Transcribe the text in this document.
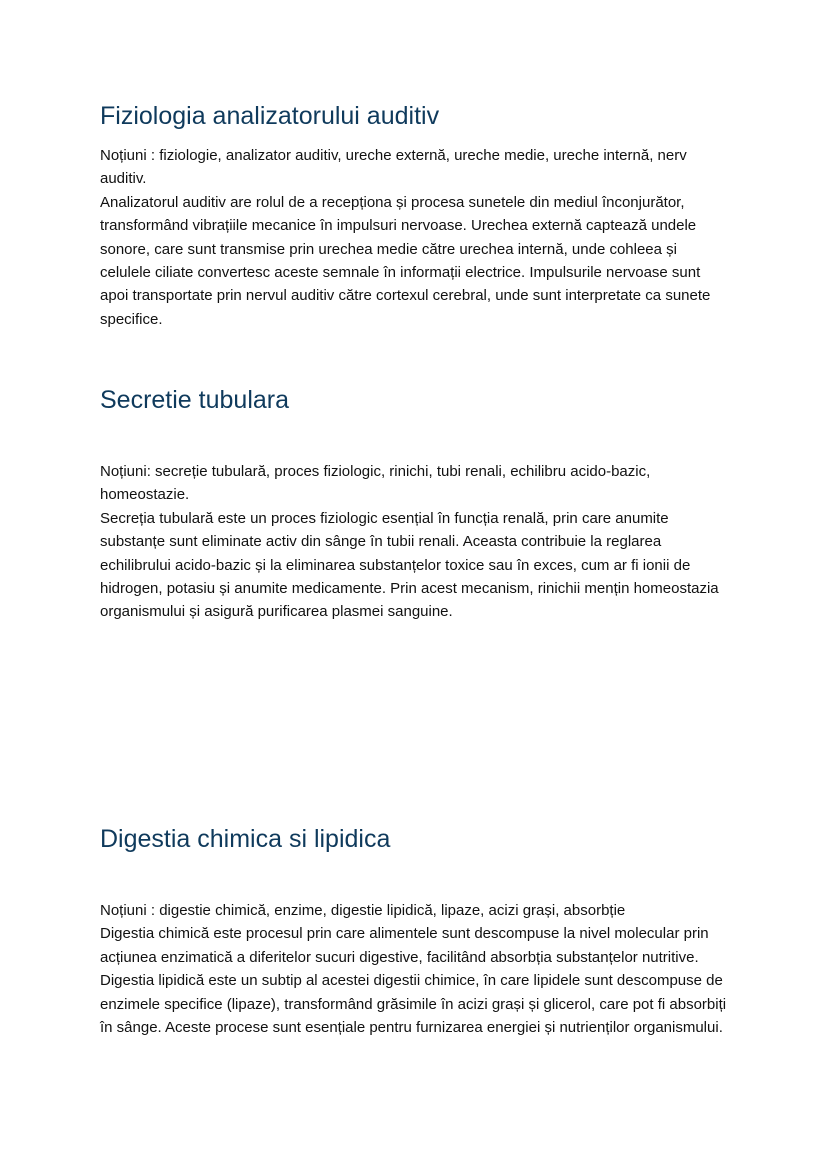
Fiziologia analizatorului auditiv

Noțiuni : fiziologie, analizator auditiv, ureche externă, ureche medie, ureche internă, nerv auditiv.

Analizatorul auditiv are rolul de a recepționa și procesa sunetele din mediul înconjurător, transformând vibrațiile mecanice în impulsuri nervoase. Urechea externă captează undele sonore, care sunt transmise prin urechea medie către urechea internă, unde cohleea și celulele ciliate convertesc aceste semnale în informații electrice. Impulsurile nervoase sunt apoi transportate prin nervul auditiv către cortexul cerebral, unde sunt interpretate ca sunete specifice.

Secretie tubulara

Noțiuni: secreție tubulară, proces fiziologic, rinichi, tubi renali, echilibru acido-bazic, homeostazie.

Secreția tubulară este un proces fiziologic esențial în funcția renală, prin care anumite substanțe sunt eliminate activ din sânge în tubii renali. Aceasta contribuie la reglarea echilibrului acido-bazic și la eliminarea substanțelor toxice sau în exces, cum ar fi ionii de hidrogen, potasiu și anumite medicamente. Prin acest mecanism, rinichii mențin homeostazia organismului și asigură purificarea plasmei sanguine.

Digestia chimica si lipidica

Noțiuni : digestie chimică, enzime, digestie lipidică, lipaze, acizi grași, absorbție

Digestia chimică este procesul prin care alimentele sunt descompuse la nivel molecular prin acțiunea enzimatică a diferitelor sucuri digestive, facilitând absorbția substanțelor nutritive. Digestia lipidică este un subtip al acestei digestii chimice, în care lipidele sunt descompuse de enzimele specifice (lipaze), transformând grăsimile în acizi grași și glicerol, care pot fi absorbiți în sânge. Aceste procese sunt esențiale pentru furnizarea energiei și nutrienților organismului.
